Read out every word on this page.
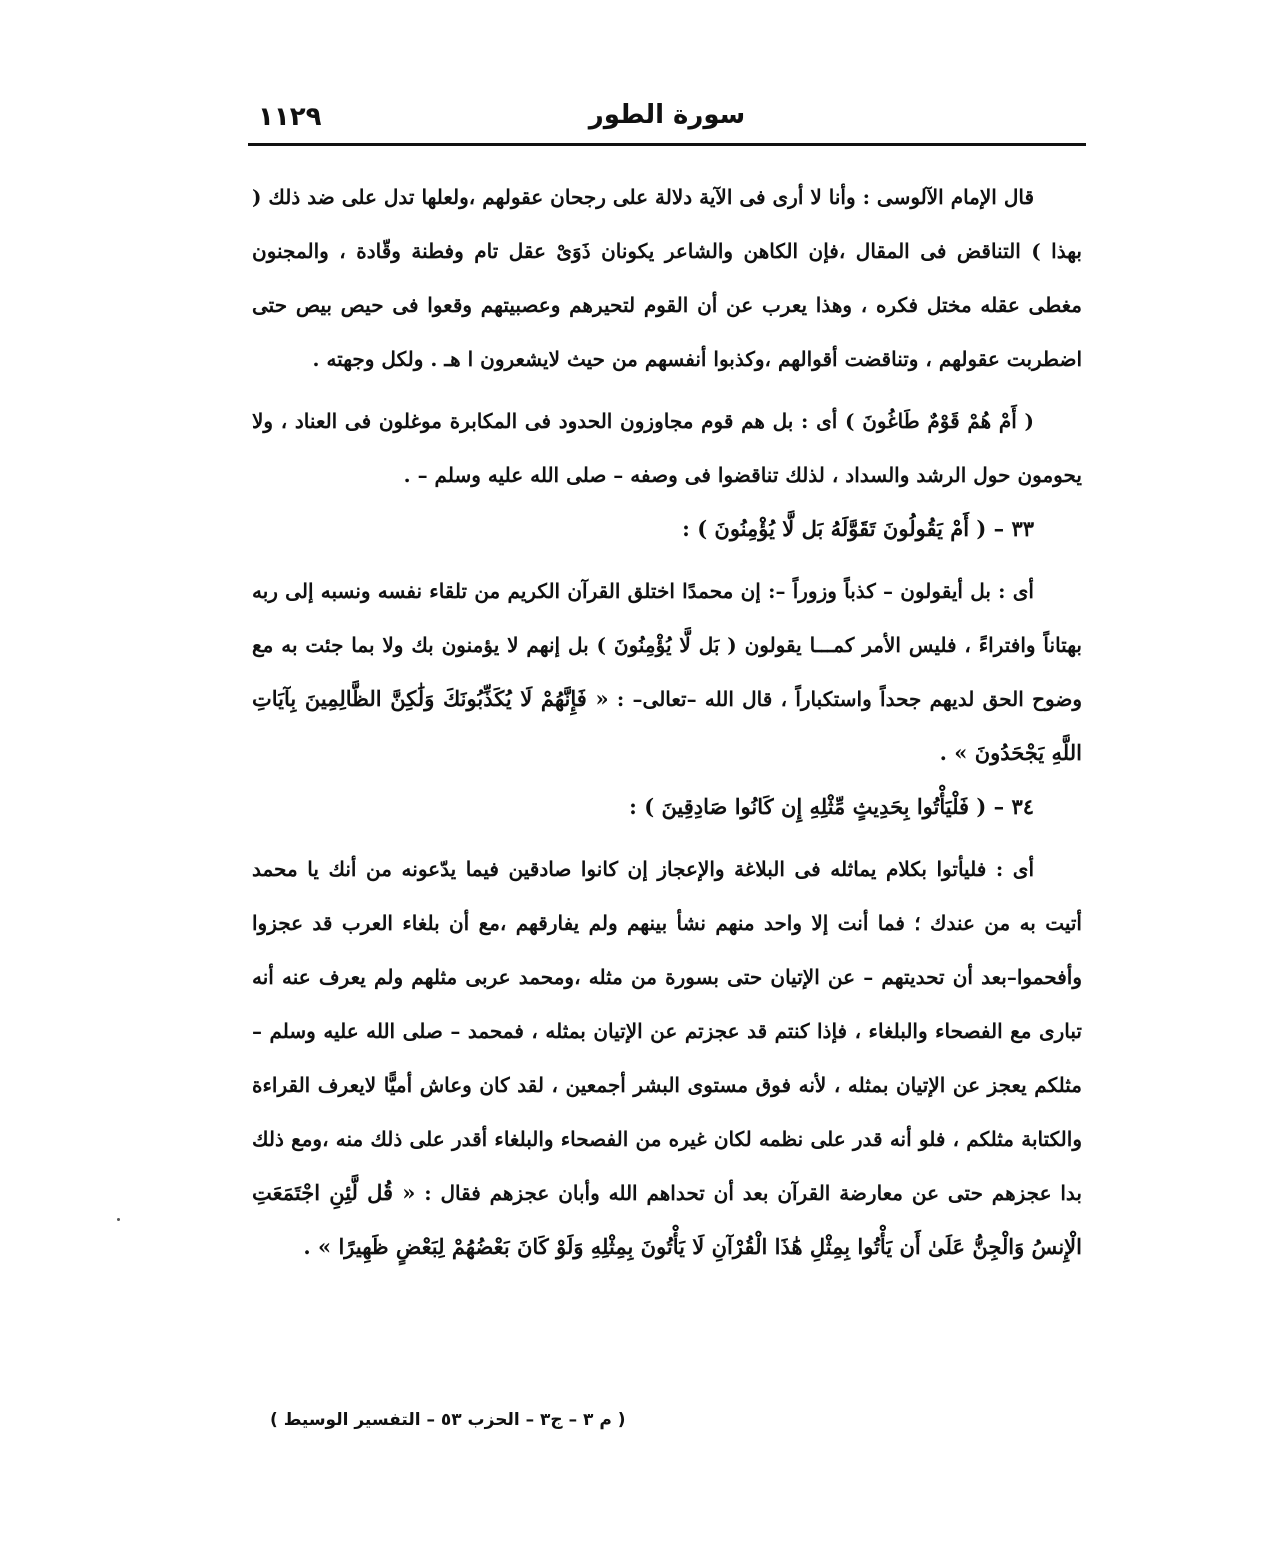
سورة الطور
١١٢٩

قال الإمام الآلوسى : وأنا لا أرى فى الآية دلالة على رجحان عقولهم ،ولعلها تدل على ضد ذلك ( بهذا ) التناقض فى المقال ،فإن الكاهن والشاعر يكونان ذَوَىْ عقل تام وفطنة وقّادة ، والمجنون مغطى عقله مختل فكره ، وهذا يعرب عن أن القوم لتحيرهم وعصبيتهم وقعوا فى حيص بيص حتى اضطربت عقولهم ، وتناقضت أقوالهم ،وكذبوا أنفسهم من حيث لايشعرون ا هـ . ولكل وجهته .

( أَمْ هُمْ قَوْمٌ طَاغُونَ ) أى : بل هم قوم مجاوزون الحدود فى المكابرة موغلون فى العناد ، ولا يحومون حول الرشد والسداد ، لذلك تناقضوا فى وصفه – صلى الله عليه وسلم – .

٣٣ – ( أَمْ يَقُولُونَ تَقَوَّلَهُ بَل لَّا يُؤْمِنُونَ ) :

أى : بل أيقولون – كذباً وزوراً –: إن محمدًا اختلق القرآن الكريم من تلقاء نفسه ونسبه إلى ربه بهتاناً وافتراءً ، فليس الأمر كمـــا يقولون ( بَل لَّا يُؤْمِنُونَ ) بل إنهم لا يؤمنون بك ولا بما جئت به مع وضوح الحق لديهم جحداً واستكباراً ، قال الله –تعالى– : « فَإِنَّهُمْ لَا يُكَذِّبُونَكَ وَلَٰكِنَّ الظَّالِمِينَ بِآيَاتِ اللَّهِ يَجْحَدُونَ » .

٣٤ – ( فَلْيَأْتُوا بِحَدِيثٍ مِّثْلِهِ إِن كَانُوا صَادِقِينَ ) :

أى : فليأتوا بكلام يماثله فى البلاغة والإعجاز إن كانوا صادقين فيما يدّعونه من أنك يا محمد أتيت به من عندك ؛ فما أنت إلا واحد منهم نشأ بينهم ولم يفارقهم ،مع أن بلغاء العرب قد عجزوا وأفحموا–بعد أن تحديتهم – عن الإتيان حتى بسورة من مثله ،ومحمد عربى مثلهم ولم يعرف عنه أنه تبارى مع الفصحاء والبلغاء ، فإذا كنتم قد عجزتم عن الإتيان بمثله ، فمحمد – صلى الله عليه وسلم – مثلكم يعجز عن الإتيان بمثله ، لأنه فوق مستوى البشر أجمعين ، لقد كان وعاش أميًّا لايعرف القراءة والكتابة مثلكم ، فلو أنه قدر على نظمه لكان غيره من الفصحاء والبلغاء أقدر على ذلك منه ،ومع ذلك بدا عجزهم حتى عن معارضة القرآن بعد أن تحداهم الله وأبان عجزهم فقال : « قُل لَّئِنِ اجْتَمَعَتِ الْإِنسُ وَالْجِنُّ عَلَىٰ أَن يَأْتُوا بِمِثْلِ هَٰذَا الْقُرْآنِ لَا يَأْتُونَ بِمِثْلِهِ وَلَوْ كَانَ بَعْضُهُمْ لِبَعْضٍ ظَهِيرًا » .

( م ٣ – ج٣ – الحزب ٥٣ – التفسير الوسيط )
